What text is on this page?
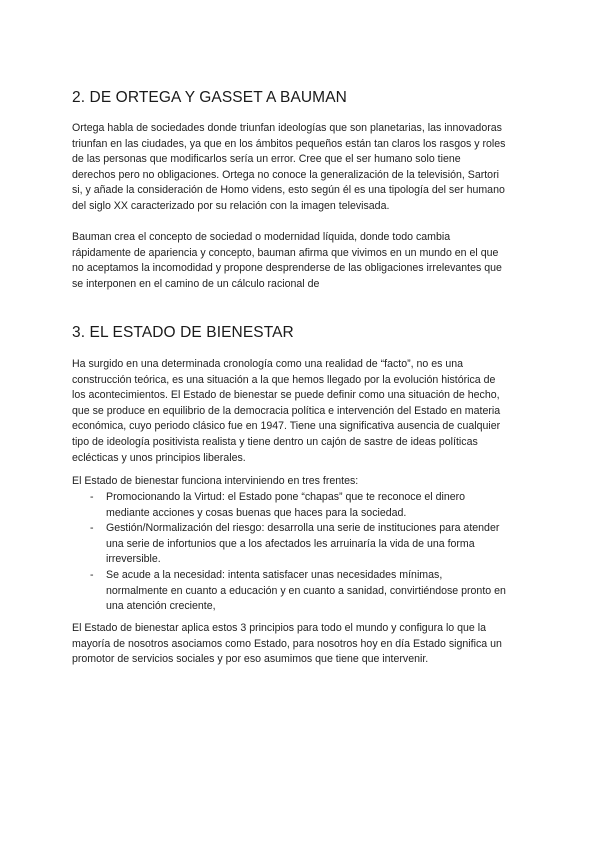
2. DE ORTEGA Y GASSET A BAUMAN

Ortega habla de sociedades donde triunfan ideologías que son planetarias, las innovadoras
triunfan en las ciudades, ya que en los ámbitos pequeños están tan claros los rasgos y roles
de las personas que modificarlos sería un error. Cree que el ser humano solo tiene
derechos pero no obligaciones. Ortega no conoce la generalización de la televisión, Sartori
si, y añade la consideración de Homo videns, esto según él es una tipología del ser humano
del siglo XX caracterizado por su relación con la imagen televisada.

Bauman crea el concepto de sociedad o modernidad líquida, donde todo cambia
rápidamente de apariencia y concepto, bauman afirma que vivimos en un mundo en el que
no aceptamos la incomodidad y propone desprenderse de las obligaciones irrelevantes que
se interponen en el camino de un cálculo racional de

3. EL ESTADO DE BIENESTAR

Ha surgido en una determinada cronología como una realidad de “facto”, no es una
construcción teórica, es una situación a la que hemos llegado por la evolución histórica de
los acontecimientos. El Estado de bienestar se puede definir como una situación de hecho,
que se produce en equilibrio de la democracia política e intervención del Estado en materia
económica, cuyo periodo clásico fue en 1947. Tiene una significativa ausencia de cualquier
tipo de ideología positivista realista y tiene dentro un cajón de sastre de ideas políticas
eclécticas y unos principios liberales.

El Estado de bienestar funciona interviniendo en tres frentes:

- Promocionando la Virtud: el Estado pone “chapas” que te reconoce el dinero
mediante acciones y cosas buenas que haces para la sociedad.
- Gestión/Normalización del riesgo: desarrolla una serie de instituciones para atender
una serie de infortunios que a los afectados les arruinaría la vida de una forma
irreversible.
- Se acude a la necesidad: intenta satisfacer unas necesidades mínimas,
normalmente en cuanto a educación y en cuanto a sanidad, convirtiéndose pronto en
una atención creciente,

El Estado de bienestar aplica estos 3 principios para todo el mundo y configura lo que la
mayoría de nosotros asociamos como Estado, para nosotros hoy en día Estado significa un
promotor de servicios sociales y por eso asumimos que tiene que intervenir.
